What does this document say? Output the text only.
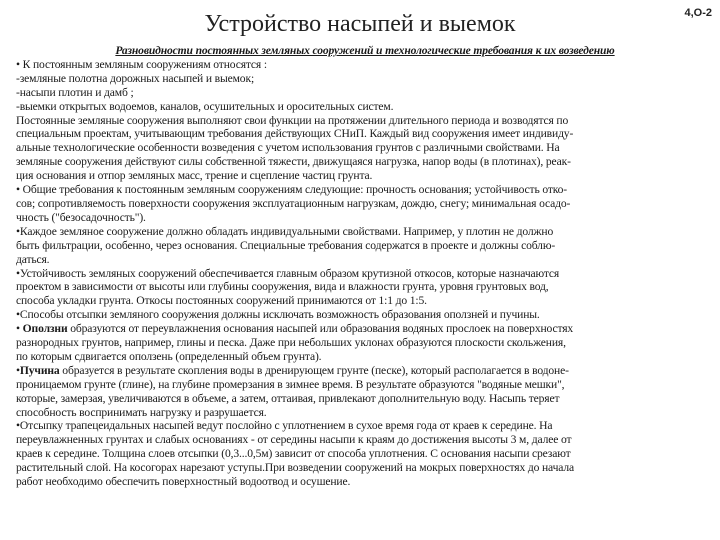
Устройство насыпей и выемок	4,О-2
Разновидности постоянных земляных сооружений и технологические требования к их возведению
• К постоянным земляным сооружениям относятся :
-земляные полотна дорожных насыпей и выемок;
-насыпи плотин и дамб ;
-выемки открытых водоемов, каналов, осушительных и оросительных систем.
Постоянные земляные сооружения выполняют свои функции на протяжении длительного периода и возводятся по
специальным проектам, учитывающим требования действующих СНиП. Каждый вид сооружения имеет индивиду-
альные технологические особенности возведения с учетом использования грунтов с различными свойствами. На
земляные сооружения действуют силы собственной тяжести, движущаяся нагрузка, напор воды (в плотинах), реак-
ция основания и отпор земляных масс, трение и сцепление частиц грунта.
• Общие требования к постоянным земляным сооружениям следующие: прочность основания; устойчивость отко-
сов; сопротивляемость поверхности сооружения эксплуатационным нагрузкам, дождю, снегу; минимальная осадо-
чность ("безосадочность").
•Каждое земляное сооружение должно обладать индивидуальными свойствами. Например, у плотин не должно
быть фильтрации, особенно, через основания. Специальные требования содержатся в проекте и должны соблю-
даться.
•Устойчивость земляных сооружений обеспечивается главным образом крутизной откосов, которые назначаются
проектом в зависимости от высоты или глубины сооружения, вида и влажности грунта, уровня грунтовых вод,
способа укладки грунта. Откосы постоянных сооружений принимаются от 1:1 до 1:5.
•Способы отсыпки земляного сооружения должны исключать возможность образования оползней и пучины.
• Оползни образуются от переувлажнения основания насыпей или образования водяных прослоек на поверхностях
разнородных грунтов, например, глины и песка. Даже при небольших уклонах образуются плоскости скольжения,
по которым сдвигается оползень (определенный объем грунта).
•Пучина образуется в результате скопления воды в дренирующем грунте (песке), который располагается в водоне-
проницаемом грунте (глине), на глубине промерзания в зимнее время. В результате образуются "водяные мешки",
которые, замерзая, увеличиваются в объеме, а затем, оттаивая, привлекают дополнительную воду. Насыпь теряет
способность воспринимать нагрузку и разрушается.
•Отсыпку трапецеидальных насыпей ведут послойно с уплотнением в сухое время года от краев к середине. На
переувлажненных грунтах и слабых основаниях - от середины насыпи к краям до достижения высоты 3 м, далее от
краев к середине. Толщина слоев отсыпки (0,3...0,5м) зависит от способа уплотнения. С основания насыпи срезают
растительный слой. На косогорах нарезают уступы.При возведении сооружений на мокрых поверхностях до начала
работ необходимо обеспечить поверхностный водоотвод и осушение.
